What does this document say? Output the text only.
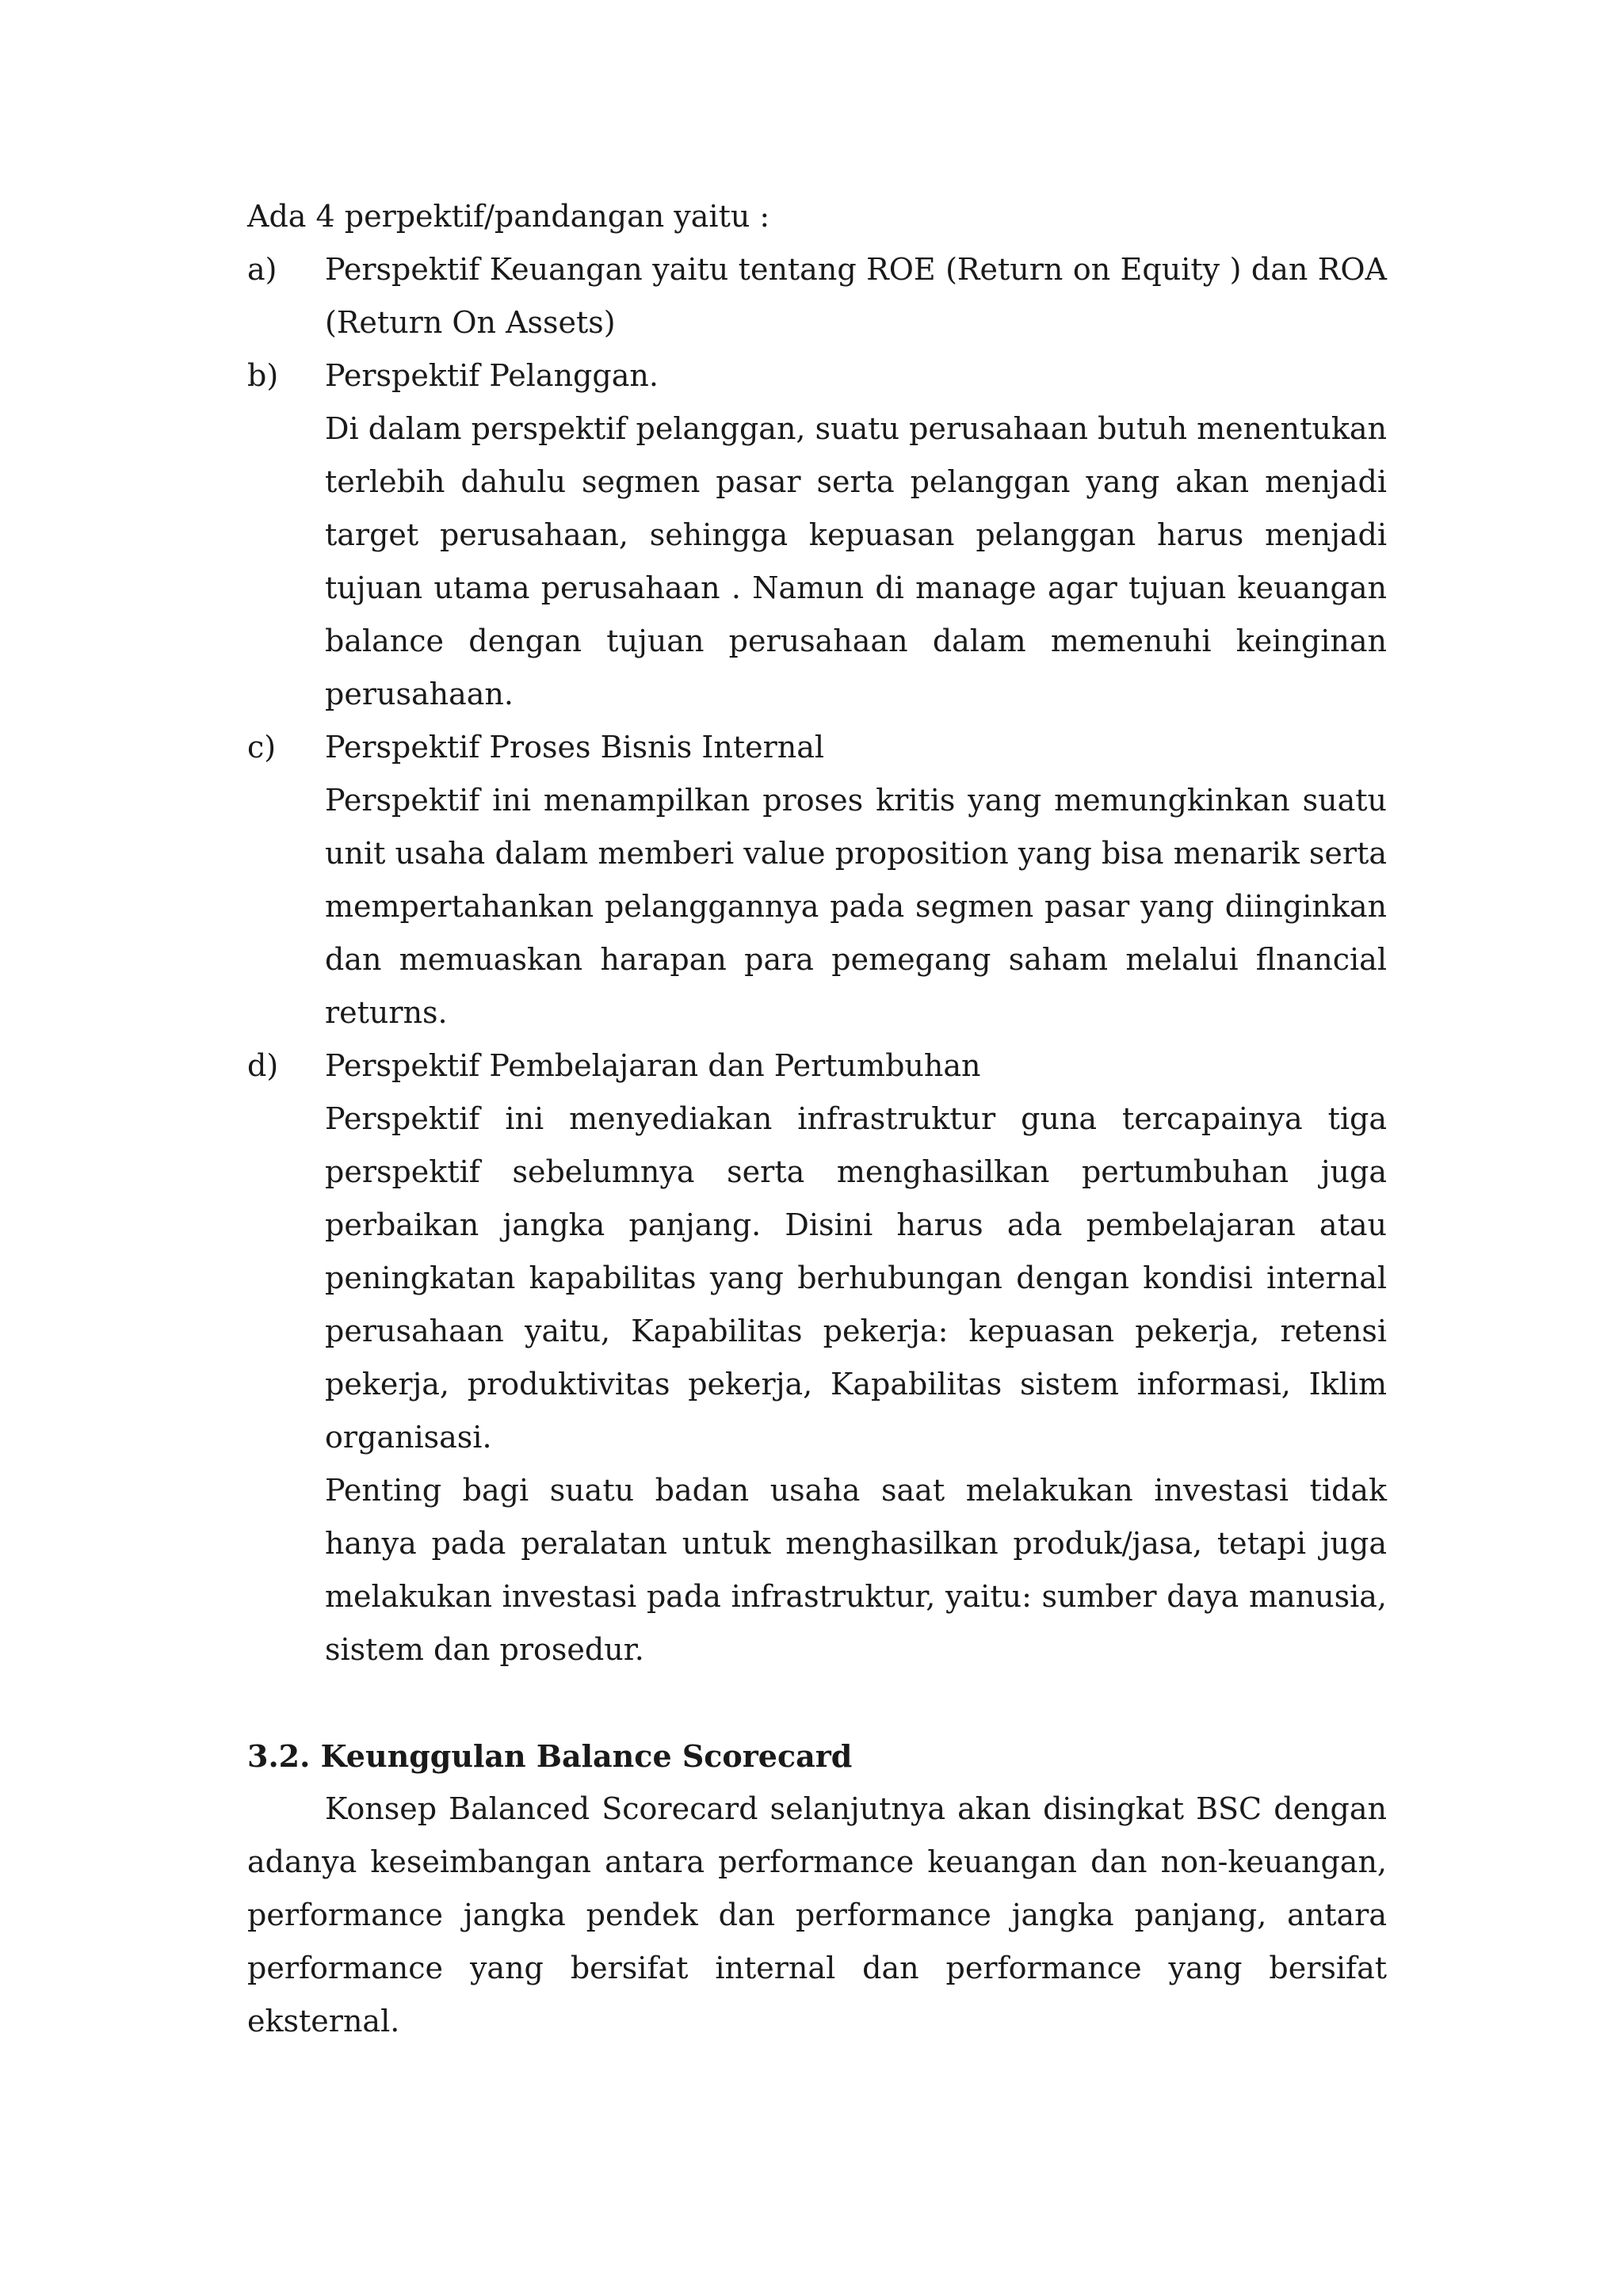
Ada 4 perpektif/pandangan yaitu :

a) Perspektif Keuangan yaitu tentang ROE (Return on Equity ) dan ROA (Return On Assets)

b) Perspektif Pelanggan.

Di dalam perspektif pelanggan, suatu perusahaan butuh menentukan terlebih dahulu segmen pasar serta pelanggan yang akan menjadi target perusahaan, sehingga kepuasan pelanggan harus menjadi tujuan utama perusahaan . Namun di manage agar tujuan keuangan balance dengan tujuan perusahaan dalam memenuhi keinginan perusahaan.

c) Perspektif Proses Bisnis Internal

Perspektif ini menampilkan proses kritis yang memungkinkan suatu unit usaha dalam memberi value proposition yang bisa menarik serta mempertahankan pelanggannya pada segmen pasar yang diinginkan dan memuaskan harapan para pemegang saham melalui flnancial returns.

d) Perspektif Pembelajaran dan Pertumbuhan

Perspektif ini menyediakan infrastruktur guna tercapainya tiga perspektif sebelumnya serta menghasilkan pertumbuhan juga perbaikan jangka panjang. Disini harus ada pembelajaran atau peningkatan kapabilitas yang berhubungan dengan kondisi internal perusahaan yaitu, Kapabilitas pekerja: kepuasan pekerja, retensi pekerja, produktivitas pekerja, Kapabilitas sistem informasi, Iklim organisasi.

Penting bagi suatu badan usaha saat melakukan investasi tidak hanya pada peralatan untuk menghasilkan produk/jasa, tetapi juga melakukan investasi pada infrastruktur, yaitu: sumber daya manusia, sistem dan prosedur.

3.2. Keunggulan Balance Scorecard

Konsep Balanced Scorecard selanjutnya akan disingkat BSC dengan adanya keseimbangan antara performance keuangan dan non-keuangan, performance jangka pendek dan performance jangka panjang, antara performance yang bersifat internal dan performance yang bersifat eksternal.
